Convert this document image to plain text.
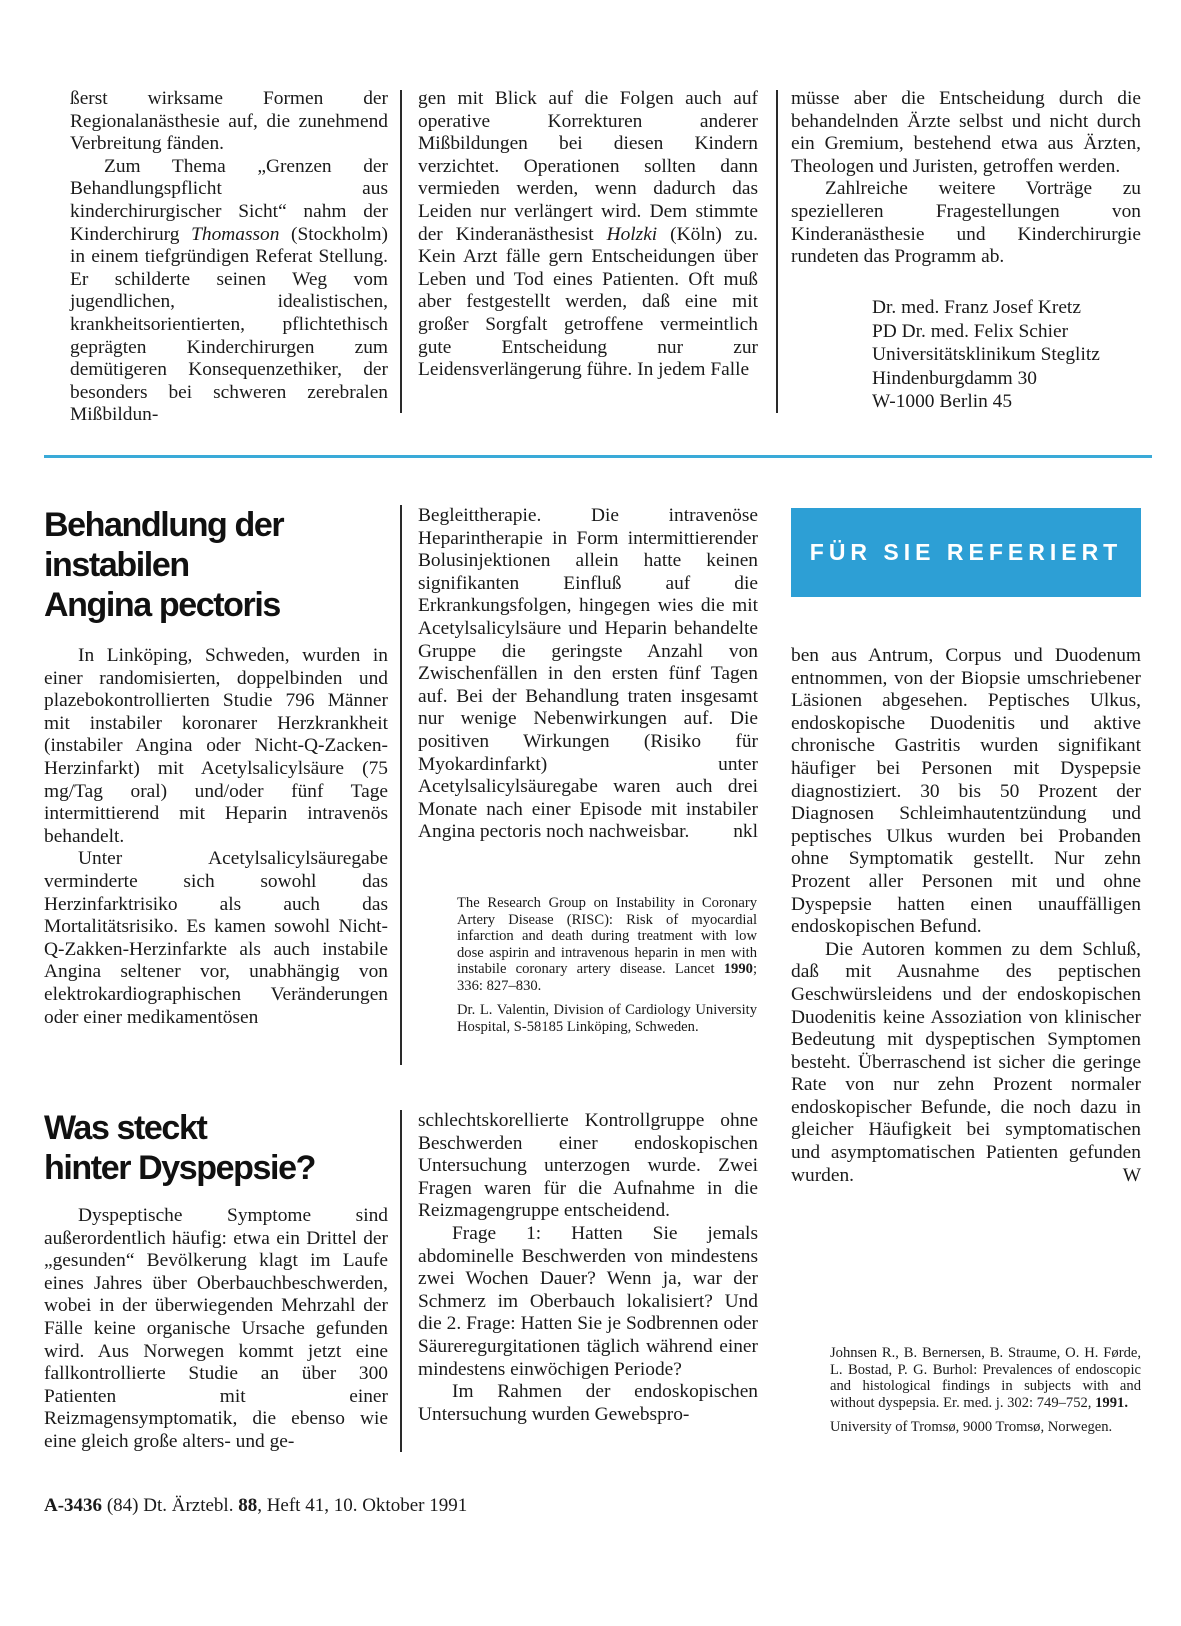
ßerst wirksame Formen der Regionalanästhesie auf, die zunehmend Verbreitung fänden.

Zum Thema „Grenzen der Behandlungspflicht aus kinderchirurgischer Sicht“ nahm der Kinderchirurg Thomasson (Stockholm) in einem tiefgründigen Referat Stellung. Er schilderte seinen Weg vom jugendlichen, idealistischen, krankheitsorientierten, pflichtethisch geprägten Kinderchirurgen zum demütigeren Konsequenzethiker, der besonders bei schweren zerebralen Mißbildun-

gen mit Blick auf die Folgen auch auf operative Korrekturen anderer Mißbildungen bei diesen Kindern verzichtet. Operationen sollten dann vermieden werden, wenn dadurch das Leiden nur verlängert wird. Dem stimmte der Kinderanästhesist Holzki (Köln) zu. Kein Arzt fälle gern Entscheidungen über Leben und Tod eines Patienten. Oft muß aber festgestellt werden, daß eine mit großer Sorgfalt getroffene vermeintlich gute Entscheidung nur zur Leidensverlängerung führe. In jedem Falle

müsse aber die Entscheidung durch die behandelnden Ärzte selbst und nicht durch ein Gremium, bestehend etwa aus Ärzten, Theologen und Juristen, getroffen werden.

Zahlreiche weitere Vorträge zu spezielleren Fragestellungen von Kinderanästhesie und Kinderchirurgie rundeten das Programm ab.

Dr. med. Franz Josef Kretz
PD Dr. med. Felix Schier
Universitätsklinikum Steglitz
Hindenburgdamm 30
W-1000 Berlin 45
Behandlung der
instabilen
Angina pectoris

In Linköping, Schweden, wurden in einer randomisierten, doppelbinden und plazebokontrollierten Studie 796 Männer mit instabiler koronarer Herzkrankheit (instabiler Angina oder Nicht-Q-Zacken-Herzinfarkt) mit Acetylsalicylsäure (75 mg/Tag oral) und/oder fünf Tage intermittierend mit Heparin intravenös behandelt.

Unter Acetylsalicylsäuregabe verminderte sich sowohl das Herzinfarktrisiko als auch das Mortalitätsrisiko. Es kamen sowohl Nicht-Q-Zakken-Herzinfarkte als auch instabile Angina seltener vor, unabhängig von elektrokardiographischen Veränderungen oder einer medikamentösen

Begleittherapie. Die intravenöse Heparintherapie in Form intermittierender Bolusinjektionen allein hatte keinen signifikanten Einfluß auf die Erkrankungsfolgen, hingegen wies die mit Acetylsalicylsäure und Heparin behandelte Gruppe die geringste Anzahl von Zwischenfällen in den ersten fünf Tagen auf. Bei der Behandlung traten insgesamt nur wenige Nebenwirkungen auf. Die positiven Wirkungen (Risiko für Myokardinfarkt) unter Acetylsalicylsäuregabe waren auch drei Monate nach einer Episode mit instabiler Angina pectoris noch nachweisbar. nkl

The Research Group on Instability in Coronary Artery Disease (RISC): Risk of myocardial infarction and death during treatment with low dose aspirin and intravenous heparin in men with instabile coronary artery disease. Lancet 1990; 336: 827–830.

Dr. L. Valentin, Division of Cardiology University Hospital, S-58185 Linköping, Schweden.

FÜR SIE REFERIERT

ben aus Antrum, Corpus und Duodenum entnommen, von der Biopsie umschriebener Läsionen abgesehen. Peptisches Ulkus, endoskopische Duodenitis und aktive chronische Gastritis wurden signifikant häufiger bei Personen mit Dyspepsie diagnostiziert. 30 bis 50 Prozent der Diagnosen Schleimhautentzündung und peptisches Ulkus wurden bei Probanden ohne Symptomatik gestellt. Nur zehn Prozent aller Personen mit und ohne Dyspepsie hatten einen unauffälligen endoskopischen Befund.

Die Autoren kommen zu dem Schluß, daß mit Ausnahme des peptischen Geschwürsleidens und der endoskopischen Duodenitis keine Assoziation von klinischer Bedeutung mit dyspeptischen Symptomen besteht. Überraschend ist sicher die geringe Rate von nur zehn Prozent normaler endoskopischer Befunde, die noch dazu in gleicher Häufigkeit bei symptomatischen und asymptomatischen Patienten gefunden wurden.	W

Johnsen R., B. Bernersen, B. Straume, O. H. Førde, L. Bostad, P. G. Burhol: Prevalences of endoscopic and histological findings in subjects with and without dyspepsia. Er. med. j. 302: 749–752, 1991.

University of Tromsø, 9000 Tromsø, Norwegen.

Was steckt
hinter Dyspepsie?

Dyspeptische Symptome sind außerordentlich häufig: etwa ein Drittel der „gesunden“ Bevölkerung klagt im Laufe eines Jahres über Oberbauchbeschwerden, wobei in der überwiegenden Mehrzahl der Fälle keine organische Ursache gefunden wird. Aus Norwegen kommt jetzt eine fallkontrollierte Studie an über 300 Patienten mit einer Reizmagensymptomatik, die ebenso wie eine gleich große alters- und ge-

schlechtskorellierte Kontrollgruppe ohne Beschwerden einer endoskopischen Untersuchung unterzogen wurde. Zwei Fragen waren für die Aufnahme in die Reizmagengruppe entscheidend.

Frage 1: Hatten Sie jemals abdominelle Beschwerden von mindestens zwei Wochen Dauer? Wenn ja, war der Schmerz im Oberbauch lokalisiert? Und die 2. Frage: Hatten Sie je Sodbrennen oder Säureregurgitationen täglich während einer mindestens einwöchigen Periode?

Im Rahmen der endoskopischen Untersuchung wurden Gewebspro-

A-3436 (84) Dt. Ärztebl. 88, Heft 41, 10. Oktober 1991
